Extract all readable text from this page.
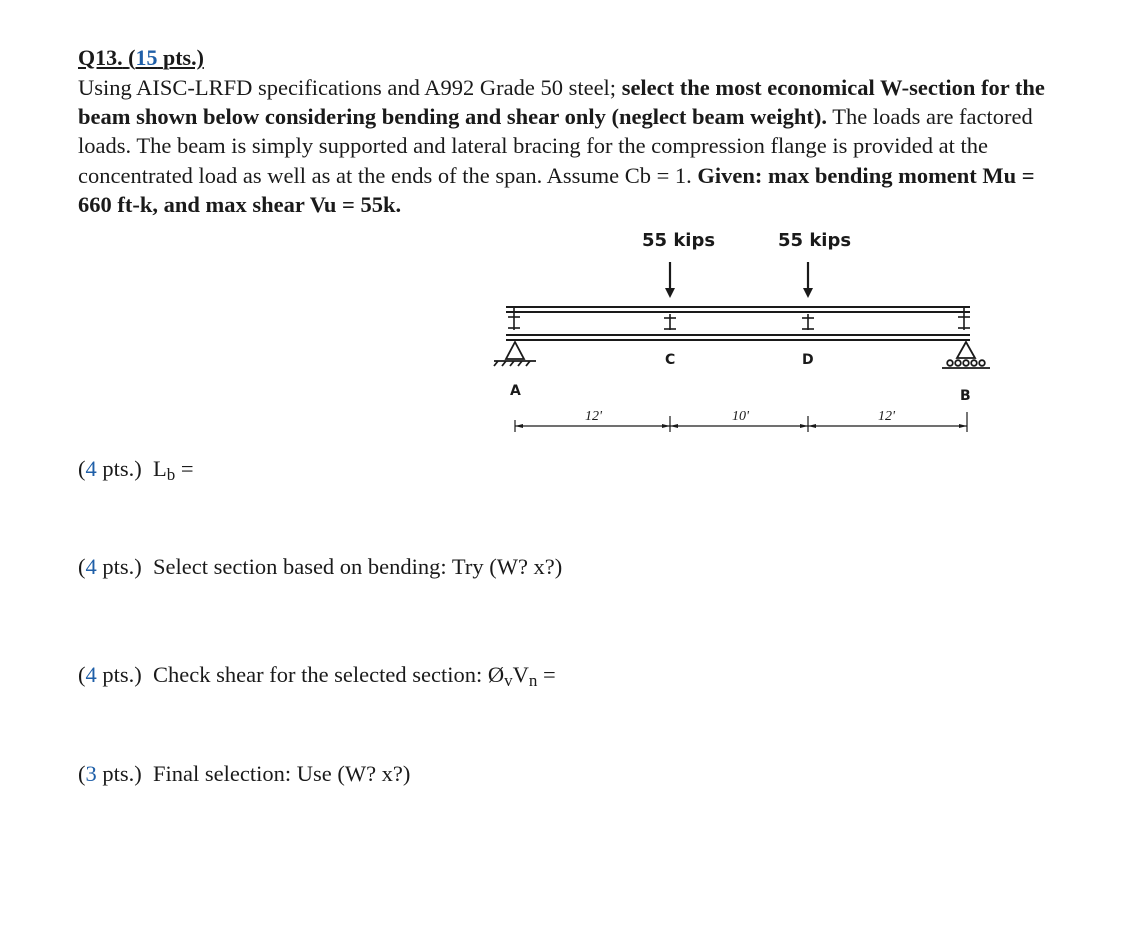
Q13. (15 pts.)
Using AISC-LRFD specifications and A992 Grade 50 steel; select the most economical W-section for the beam shown below considering bending and shear only (neglect beam weight). The loads are factored loads. The beam is simply supported and lateral bracing for the compression flange is provided at the concentrated load as well as at the ends of the span. Assume Cb = 1. Given: max bending moment Mu = 660 ft-k, and max shear Vu = 55k.
55 kips	55 kips
C	D
A	B
12'	10'	12'
(4 pts.) $L_b$ =
(4 pts.) Select section based on bending: Try (W? x?)
(4 pts.) Check shear for the selected section: $Ø_vV_n$ =
(3 pts.) Final selection: Use (W? x?)
